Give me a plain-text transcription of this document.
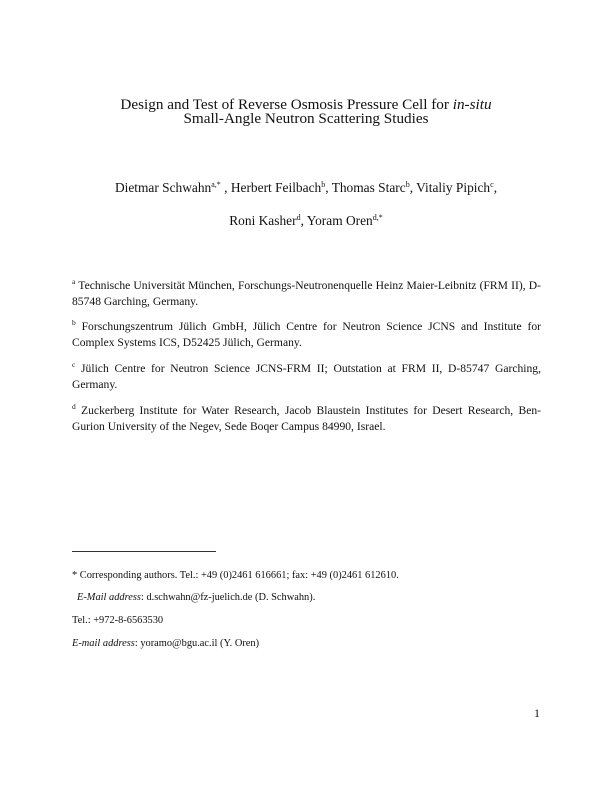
Design and Test of Reverse Osmosis Pressure Cell for in-situ
Small-Angle Neutron Scattering Studies
Dietmar Schwahn$^{a,*}$ , Herbert Feilbach$^b$, Thomas Starc$^b$, Vitaliy Pipich$^c$,
Roni Kasher$^d$, Yoram Oren$^{d,*}$
$^a$ Technische Universität München, Forschungs-Neutronenquelle Heinz Maier-Leibnitz (FRM II), D-85748 Garching, Germany.
$^b$ Forschungszentrum Jülich GmbH, Jülich Centre for Neutron Science JCNS and Institute for Complex Systems ICS, D52425 Jülich, Germany.
$^c$ Jülich Centre for Neutron Science JCNS-FRM II; Outstation at FRM II, D-85747 Garching, Germany.
$^d$ Zuckerberg Institute for Water Research, Jacob Blaustein Institutes for Desert Research, Ben-Gurion University of the Negev, Sede Boqer Campus 84990, Israel.
* Corresponding authors. Tel.: +49 (0)2461 616661; fax: +49 (0)2461 612610.
E-Mail address: d.schwahn@fz-juelich.de (D. Schwahn).
Tel.: +972-8-6563530
E-mail address: yoramo@bgu.ac.il (Y. Oren)
1
